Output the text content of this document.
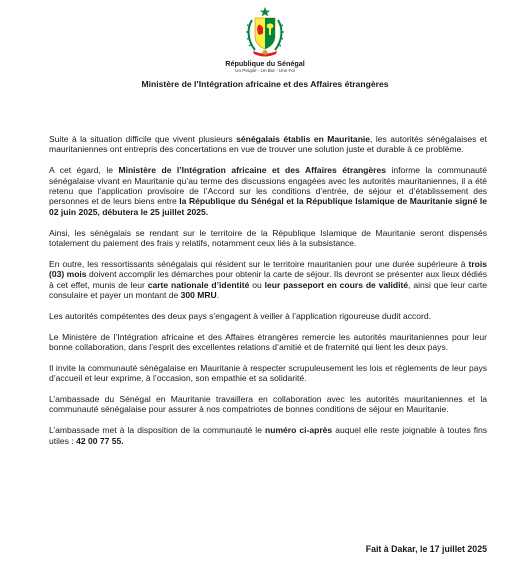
République du Sénégal
Un Peuple - Un But - Une Foi
Ministère de l’Intégration africaine et des Affaires étrangères

Suite à la situation difficile que vivent plusieurs sénégalais établis en Mauritanie, les autorités sénégalaises et mauritaniennes ont entrepris des concertations en vue de trouver une solution juste et durable à ce problème.

A cet égard, le Ministère de l’Intégration africaine et des Affaires étrangères informe la communauté sénégalaise vivant en Mauritanie qu’au terme des discussions engagées avec les autorités mauritaniennes, il a été retenu que l’application provisoire de l’Accord sur les conditions d’entrée, de séjour et d’établissement des personnes et de leurs biens entre la République du Sénégal et la République Islamique de Mauritanie signé le 02 juin 2025, débutera le 25 juillet 2025.

Ainsi, les sénégalais se rendant sur le territoire de la République Islamique de Mauritanie seront dispensés totalement du paiement des frais y relatifs, notamment ceux liés à la subsistance.

En outre, les ressortissants sénégalais qui résident sur le territoire mauritanien pour une durée supérieure à trois (03) mois doivent accomplir les démarches pour obtenir la carte de séjour. Ils devront se présenter aux lieux dédiés à cet effet, munis de leur carte nationale d’identité ou leur passeport en cours de validité, ainsi que leur carte consulaire et payer un montant de 300 MRU.

Les autorités compétentes des deux pays s’engagent à veiller à l’application rigoureuse dudit accord.

Le Ministère de l’Intégration africaine et des Affaires étrangères remercie les autorités mauritaniennes pour leur bonne collaboration, dans l’esprit des excellentes relations d’amitié et de fraternité qui lient les deux pays.

Il invite la communauté sénégalaise en Mauritanie à respecter scrupuleusement les lois et règlements de leur pays d’accueil et leur exprime, à l’occasion, son empathie et sa solidarité.

L’ambassade du Sénégal en Mauritanie travaillera en collaboration avec les autorités mauritaniennes et la communauté sénégalaise pour assurer à nos compatriotes de bonnes conditions de séjour en Mauritanie.

L’ambassade met à la disposition de la communauté le numéro ci-après auquel elle reste joignable à toutes fins utiles : 42 00 77 55.

Fait à Dakar, le 17 juillet 2025
